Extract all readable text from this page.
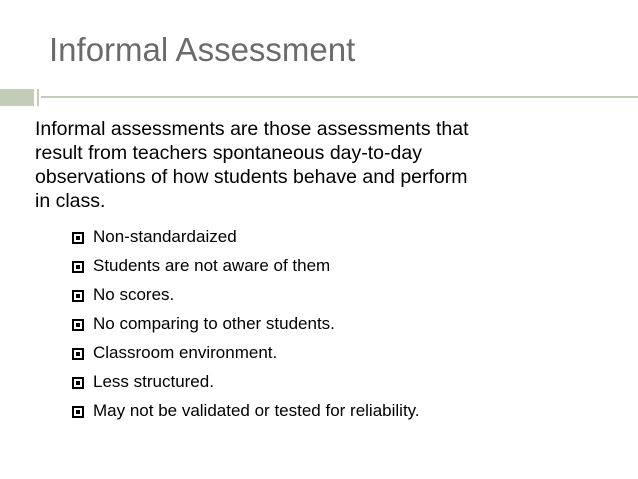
Informal Assessment
Informal assessments are those assessments that
result from teachers spontaneous day-to-day
observations of how students behave and perform
in class.
Non-standardaized
Students are not aware of them
No scores.
No comparing to other students.
Classroom environment.
Less structured.
May not be validated or tested for reliability.
